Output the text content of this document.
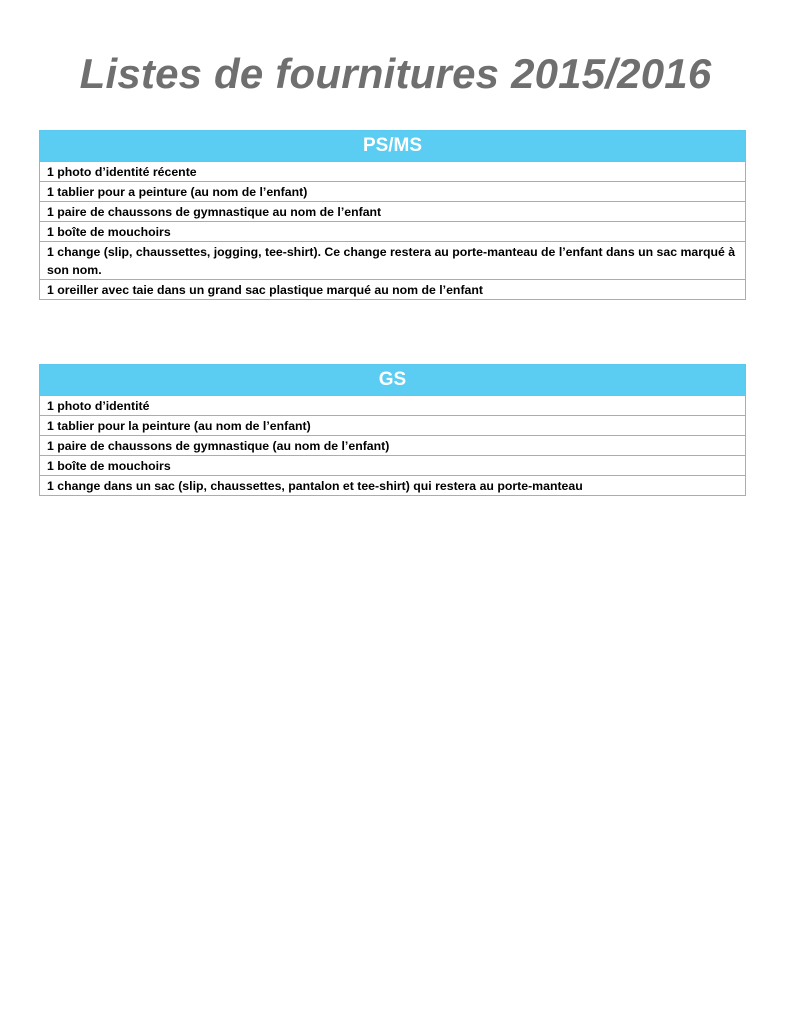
Listes de fournitures 2015/2016
PS/MS
1 photo d’identité récente
1 tablier pour a peinture (au nom de l’enfant)
1 paire de chaussons de gymnastique au nom de l’enfant
1 boîte de mouchoirs
1 change (slip, chaussettes, jogging, tee-shirt). Ce change restera au porte-manteau de l’enfant dans un sac marqué à son nom.
1 oreiller avec taie dans un grand sac plastique marqué au nom de l’enfant
GS
1 photo d’identité
1 tablier pour la peinture (au nom de l’enfant)
1 paire de chaussons de gymnastique (au nom de l’enfant)
1 boîte de mouchoirs
1 change dans un sac (slip, chaussettes, pantalon et tee-shirt) qui restera au porte-manteau
